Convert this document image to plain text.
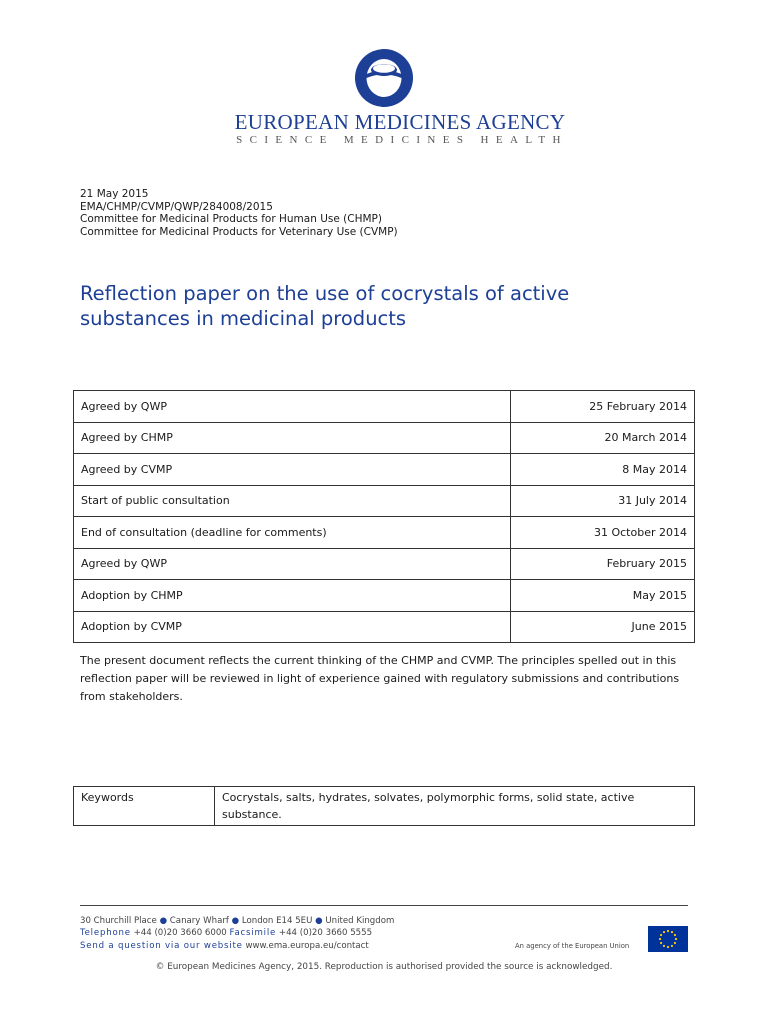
EUROPEAN MEDICINES AGENCY
SCIENCE MEDICINES HEALTH
21 May 2015
EMA/CHMP/CVMP/QWP/284008/2015
Committee for Medicinal Products for Human Use (CHMP)
Committee for Medicinal Products for Veterinary Use (CVMP)
Reflection paper on the use of cocrystals of active substances in medicinal products
Agreed by QWP	25 February 2014
Agreed by CHMP	20 March 2014
Agreed by CVMP	8 May 2014
Start of public consultation	31 July 2014
End of consultation (deadline for comments)	31 October 2014
Agreed by QWP	February 2015
Adoption by CHMP	May 2015
Adoption by CVMP	June 2015

The present document reflects the current thinking of the CHMP and CVMP. The principles spelled out in this reflection paper will be reviewed in light of experience gained with regulatory submissions and contributions from stakeholders.

Keywords	Cocrystals, salts, hydrates, solvates, polymorphic forms, solid state, active substance.
30 Churchill Place ● Canary Wharf ● London E14 5EU ● United Kingdom
Telephone +44 (0)20 3660 6000 Facsimile +44 (0)20 3660 5555
Send a question via our website www.ema.europa.eu/contact	An agency of the European Union
© European Medicines Agency, 2015. Reproduction is authorised provided the source is acknowledged.
